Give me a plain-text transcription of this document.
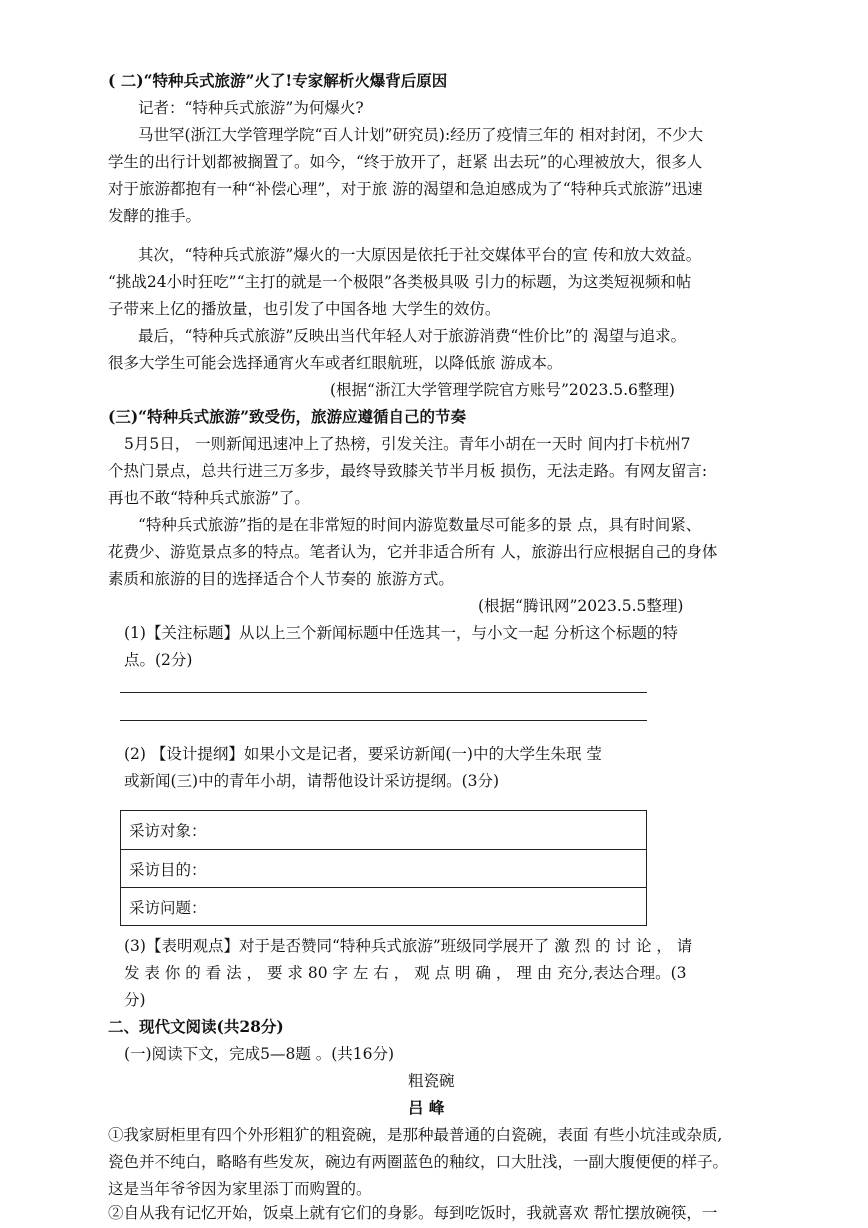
( 二)“特种兵式旅游”火了!专家解析火爆背后原因
记者：“特种兵式旅游”为何爆火?
马世罕(浙江大学管理学院“百人计划”研究员):经历了疫情三年的 相对封闭，不少大
学生的出行计划都被搁置了。如今，“终于放开了，赶紧 出去玩”的心理被放大，很多人
对于旅游都抱有一种“补偿心理”，对于旅 游的渴望和急迫感成为了“特种兵式旅游”迅速
发酵的推手。
其次，“特种兵式旅游”爆火的一大原因是依托于社交媒体平台的宣 传和放大效益。
“挑战24小时狂吃”“主打的就是一个极限”各类极具吸 引力的标题，为这类短视频和帖
子带来上亿的播放量，也引发了中国各地 大学生的效仿。
最后，“特种兵式旅游”反映出当代年轻人对于旅游消费“性价比”的 渴望与追求。
很多大学生可能会选择通宵火车或者红眼航班，以降低旅 游成本。
(根据“浙江大学管理学院官方账号”2023.5.6整理)
(三)“特种兵式旅游”致受伤，旅游应遵循自己的节奏
5月5日， 一则新闻迅速冲上了热榜，引发关注。青年小胡在一天时 间内打卡杭州7
个热门景点，总共行进三万多步，最终导致膝关节半月板 损伤，无法走路。有网友留言:
再也不敢“特种兵式旅游”了。
“特种兵式旅游”指的是在非常短的时间内游览数量尽可能多的景 点，具有时间紧、
花费少、游览景点多的特点。笔者认为，它并非适合所有 人，旅游出行应根据自己的身体
素质和旅游的目的选择适合个人节奏的 旅游方式。
(根据“腾讯网”2023.5.5整理)
(1)【关注标题】从以上三个新闻标题中任选其一，与小文一起 分析这个标题的特
点。(2分)
(2) 【设计提纲】如果小文是记者，要采访新闻(一)中的大学生朱珉 莹
或新闻(三)中的青年小胡，请帮他设计采访提纲。(3分)
采访对象：
采访目的：
采访问题：
(3)【表明观点】对于是否赞同“特种兵式旅游”班级同学展开了 激 烈 的 讨 论 ， 请
发 表 你 的 看 法 ， 要 求 80 字 左 右 ， 观 点 明 确 ， 理 由 充分,表达合理。(3
分)
二、现代文阅读(共28分)
(一)阅读下文，完成5—8题 。(共16分)
粗瓷碗
吕 峰
①我家厨柜里有四个外形粗犷的粗瓷碗，是那种最普通的白瓷碗，表面 有些小坑洼或杂质,
瓷色并不纯白，略略有些发灰，碗边有两圈蓝色的釉纹，口大肚浅，一副大腹便便的样子。
这是当年爷爷因为家里添丁而购置的。
②自从我有记忆开始，饭桌上就有它们的身影。每到吃饭时，我就喜欢 帮忙摆放碗筷，一
